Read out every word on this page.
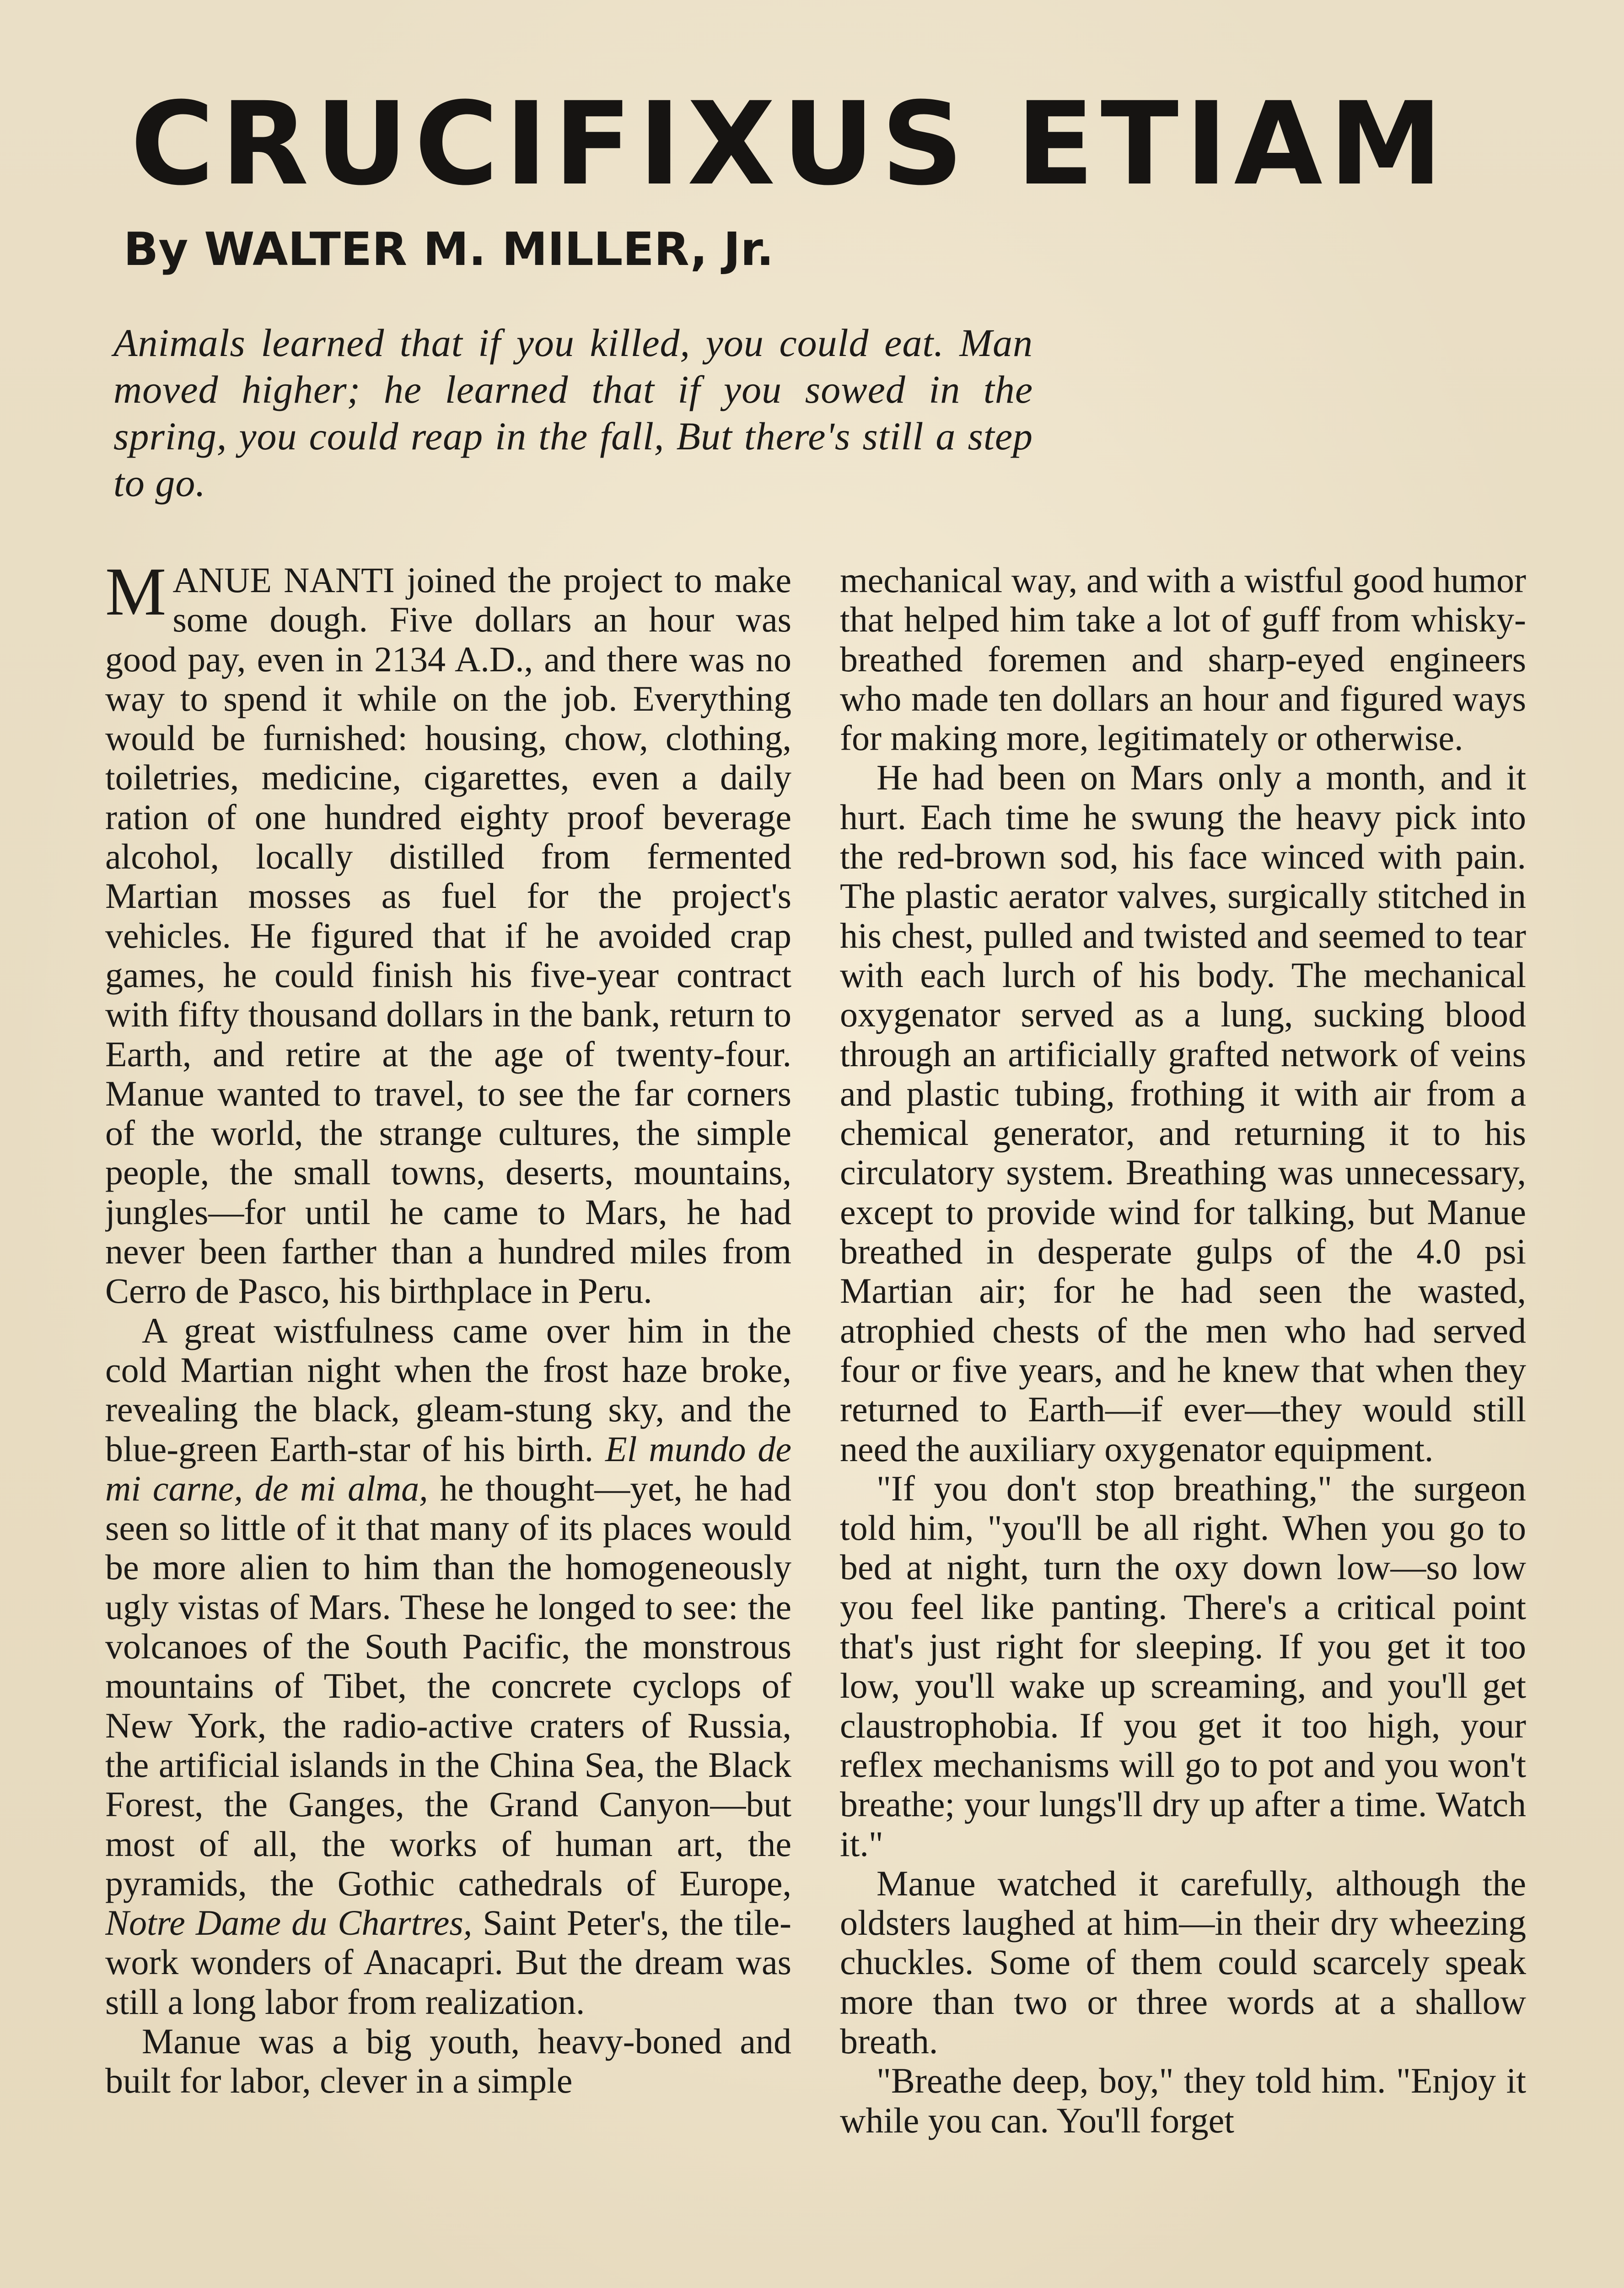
CRUCIFIXUS ETIAM
By WALTER M. MILLER, Jr.
Animals learned that if you killed, you could eat. Man moved higher; he learned that if you sowed in the spring, you could reap in the fall, But there's still a step to go.

MANUE NANTI joined the project to make some dough. Five dollars an hour was good pay, even in 2134 A.D., and there was no way to spend it while on the job. Everything would be furnished: housing, chow, clothing, toiletries, medicine, cigarettes, even a daily ration of one hundred eighty proof beverage alcohol, locally distilled from fermented Martian mosses as fuel for the project's vehicles. He figured that if he avoided crap games, he could finish his five-year contract with fifty thousand dollars in the bank, return to Earth, and retire at the age of twenty-four. Manue wanted to travel, to see the far corners of the world, the strange cultures, the simple people, the small towns, deserts, mountains, jungles—for until he came to Mars, he had never been farther than a hundred miles from Cerro de Pasco, his birthplace in Peru.

A great wistfulness came over him in the cold Martian night when the frost haze broke, revealing the black, gleam-stung sky, and the blue-green Earth-star of his birth. El mundo de mi carne, de mi alma, he thought—yet, he had seen so little of it that many of its places would be more alien to him than the homogeneously ugly vistas of Mars. These he longed to see: the volcanoes of the South Pacific, the monstrous mountains of Tibet, the concrete cyclops of New York, the radio-active craters of Russia, the artificial islands in the China Sea, the Black Forest, the Ganges, the Grand Canyon—but most of all, the works of human art, the pyramids, the Gothic cathedrals of Europe, Notre Dame du Chartres, Saint Peter's, the tile-work wonders of Anacapri. But the dream was still a long labor from realization.

Manue was a big youth, heavy-boned and built for labor, clever in a simple

mechanical way, and with a wistful good humor that helped him take a lot of guff from whisky-breathed foremen and sharp-eyed engineers who made ten dollars an hour and figured ways for making more, legitimately or otherwise.

He had been on Mars only a month, and it hurt. Each time he swung the heavy pick into the red-brown sod, his face winced with pain. The plastic aerator valves, surgically stitched in his chest, pulled and twisted and seemed to tear with each lurch of his body. The mechanical oxygenator served as a lung, sucking blood through an artificially grafted network of veins and plastic tubing, frothing it with air from a chemical generator, and returning it to his circulatory system. Breathing was unnecessary, except to provide wind for talking, but Manue breathed in desperate gulps of the 4.0 psi Martian air; for he had seen the wasted, atrophied chests of the men who had served four or five years, and he knew that when they returned to Earth—if ever—they would still need the auxiliary oxygenator equipment.

"If you don't stop breathing," the surgeon told him, "you'll be all right. When you go to bed at night, turn the oxy down low—so low you feel like panting. There's a critical point that's just right for sleeping. If you get it too low, you'll wake up screaming, and you'll get claustrophobia. If you get it too high, your reflex mechanisms will go to pot and you won't breathe; your lungs'll dry up after a time. Watch it."

Manue watched it carefully, although the oldsters laughed at him—in their dry wheezing chuckles. Some of them could scarcely speak more than two or three words at a shallow breath.

"Breathe deep, boy," they told him. "Enjoy it while you can. You'll forget
